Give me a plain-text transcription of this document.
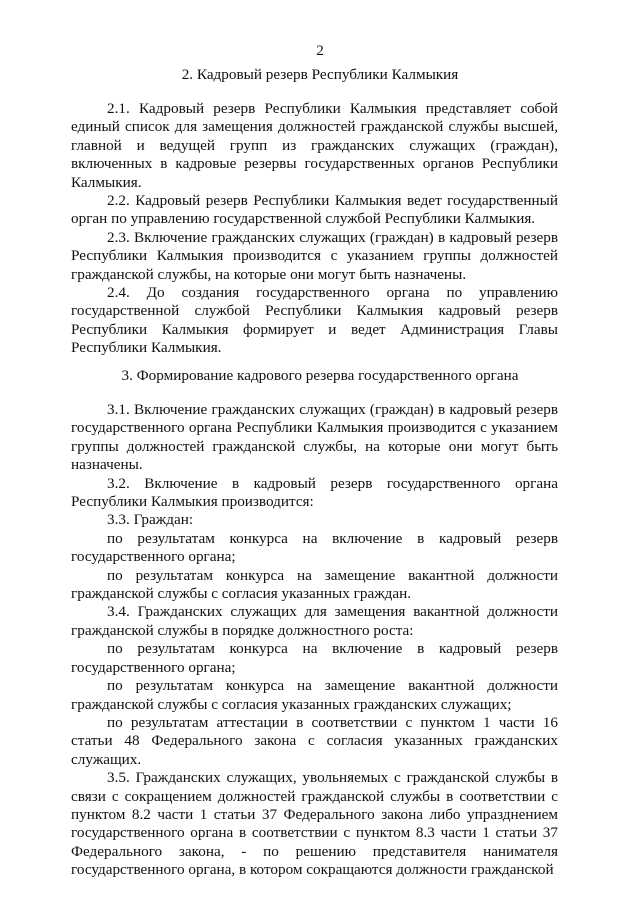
2
2. Кадровый резерв Республики Калмыкия

2.1. Кадровый резерв Республики Калмыкия представляет собой единый список для замещения должностей гражданской службы высшей, главной и ведущей групп из гражданских служащих (граждан), включенных в кадровые резервы государственных органов Республики Калмыкия.

2.2. Кадровый резерв Республики Калмыкия ведет государственный орган по управлению государственной службой Республики Калмыкия.

2.3. Включение гражданских служащих (граждан) в кадровый резерв Республики Калмыкия производится с указанием группы должностей гражданской службы, на которые они могут быть назначены.

2.4. До создания государственного органа по управлению государственной службой Республики Калмыкия кадровый резерв Республики Калмыкия формирует и ведет Администрация Главы Республики Калмыкия.

3. Формирование кадрового резерва государственного органа

3.1. Включение гражданских служащих (граждан) в кадровый резерв государственного органа Республики Калмыкия производится с указанием группы должностей гражданской службы, на которые они могут быть назначены.

3.2. Включение в кадровый резерв государственного органа Республики Калмыкия производится:

3.3. Граждан:

по результатам конкурса на включение в кадровый резерв государственного органа;

по результатам конкурса на замещение вакантной должности гражданской службы с согласия указанных граждан.

3.4. Гражданских служащих для замещения вакантной должности гражданской службы в порядке должностного роста:

по результатам конкурса на включение в кадровый резерв государственного органа;

по результатам конкурса на замещение вакантной должности гражданской службы с согласия указанных гражданских служащих;

по результатам аттестации в соответствии с пунктом 1 части 16 статьи 48 Федерального закона с согласия указанных гражданских служащих.

3.5. Гражданских служащих, увольняемых с гражданской службы в связи с сокращением должностей гражданской службы в соответствии с пунктом 8.2 части 1 статьи 37 Федерального закона либо упразднением государственного органа в соответствии с пунктом 8.3 части 1 статьи 37 Федерального закона, - по решению представителя нанимателя государственного органа, в котором сокращаются должности гражданской
